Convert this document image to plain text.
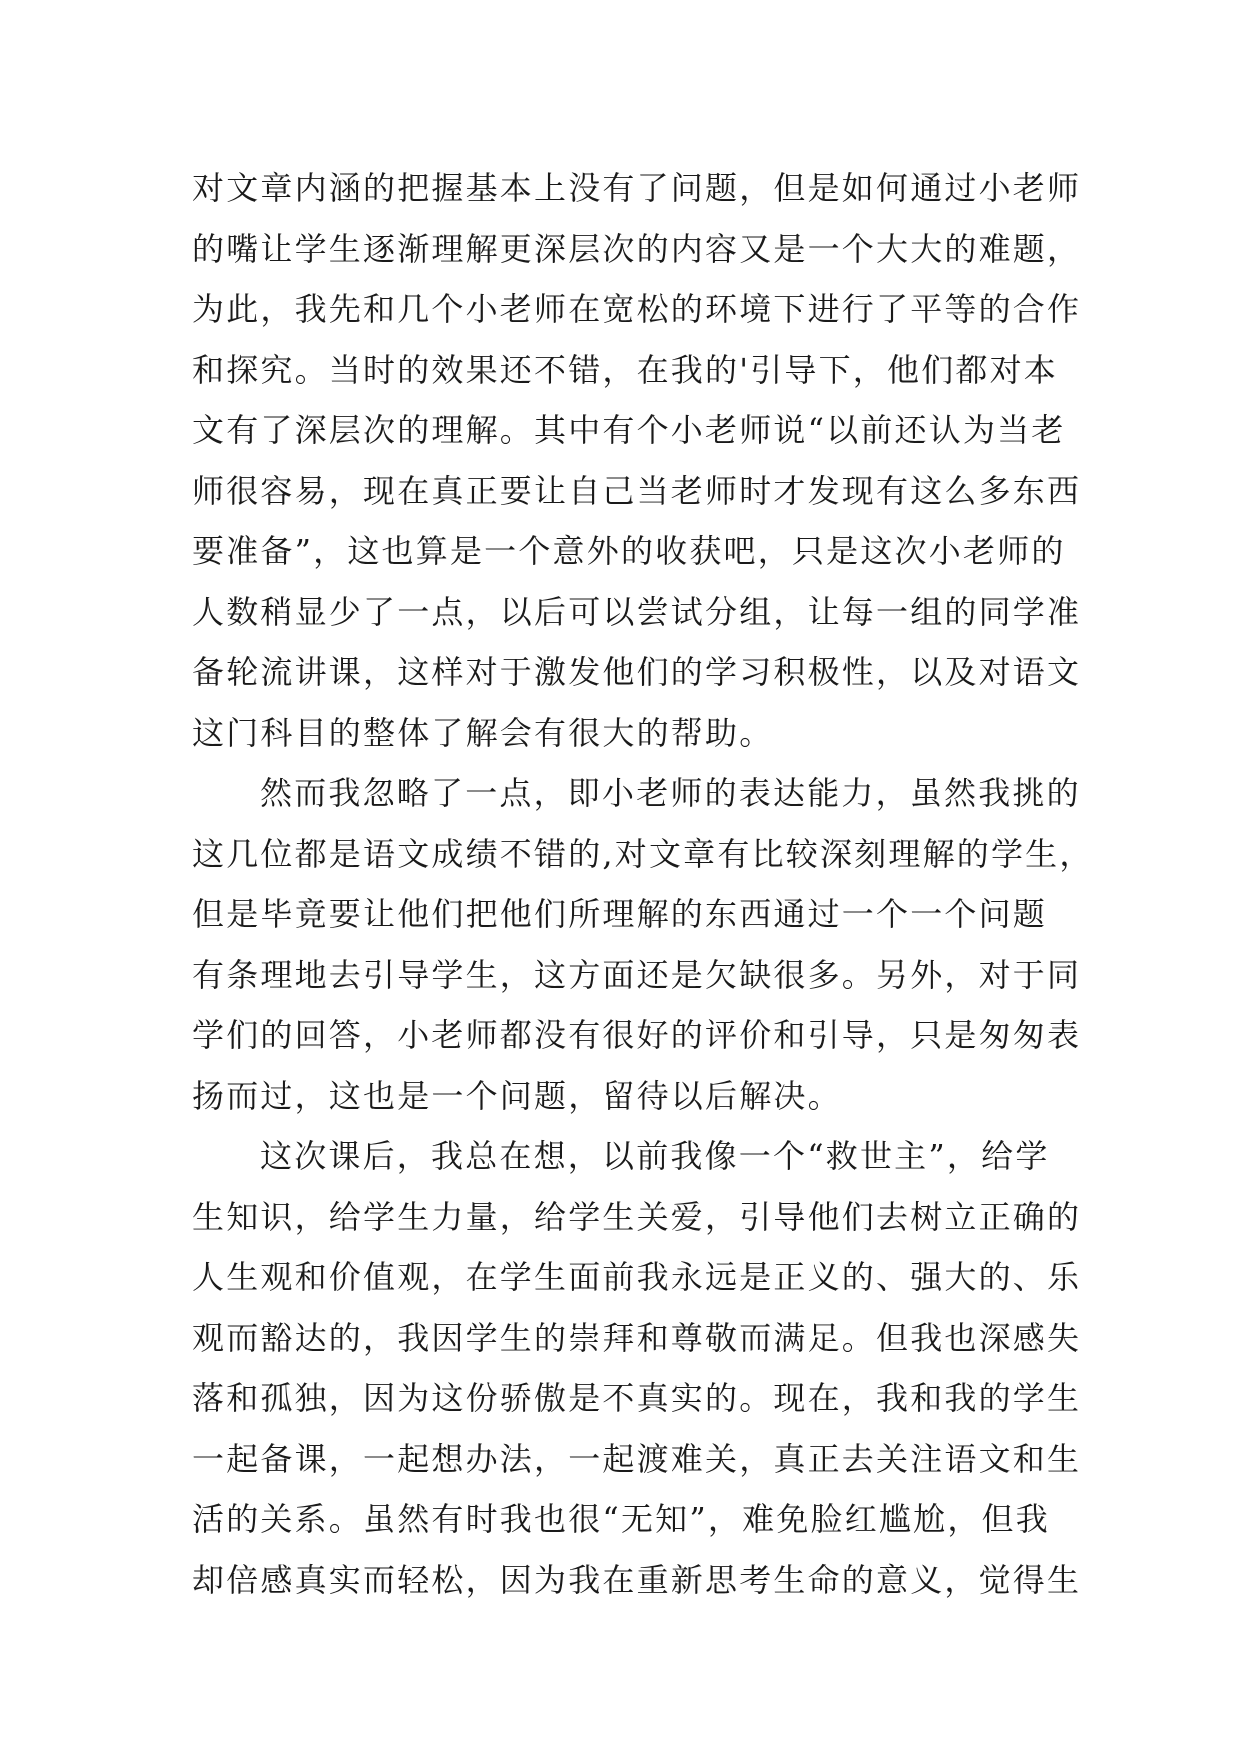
对文章内涵的把握基本上没有了问题，但是如何通过小老师
的嘴让学生逐渐理解更深层次的内容又是一个大大的难题，
为此，我先和几个小老师在宽松的环境下进行了平等的合作
和探究。当时的效果还不错，在我的'引导下，他们都对本
文有了深层次的理解。其中有个小老师说“以前还认为当老
师很容易，现在真正要让自己当老师时才发现有这么多东西
要准备”，这也算是一个意外的收获吧，只是这次小老师的
人数稍显少了一点，以后可以尝试分组，让每一组的同学准
备轮流讲课，这样对于激发他们的学习积极性，以及对语文
这门科目的整体了解会有很大的帮助。
然而我忽略了一点，即小老师的表达能力，虽然我挑的
这几位都是语文成绩不错的,对文章有比较深刻理解的学生，
但是毕竟要让他们把他们所理解的东西通过一个一个问题
有条理地去引导学生，这方面还是欠缺很多。另外，对于同
学们的回答，小老师都没有很好的评价和引导，只是匆匆表
扬而过，这也是一个问题，留待以后解决。
这次课后，我总在想，以前我像一个“救世主”，给学
生知识，给学生力量，给学生关爱，引导他们去树立正确的
人生观和价值观，在学生面前我永远是正义的、强大的、乐
观而豁达的，我因学生的崇拜和尊敬而满足。但我也深感失
落和孤独，因为这份骄傲是不真实的。现在，我和我的学生
一起备课，一起想办法，一起渡难关，真正去关注语文和生
活的关系。虽然有时我也很“无知”，难免脸红尴尬，但我
却倍感真实而轻松，因为我在重新思考生命的意义，觉得生
